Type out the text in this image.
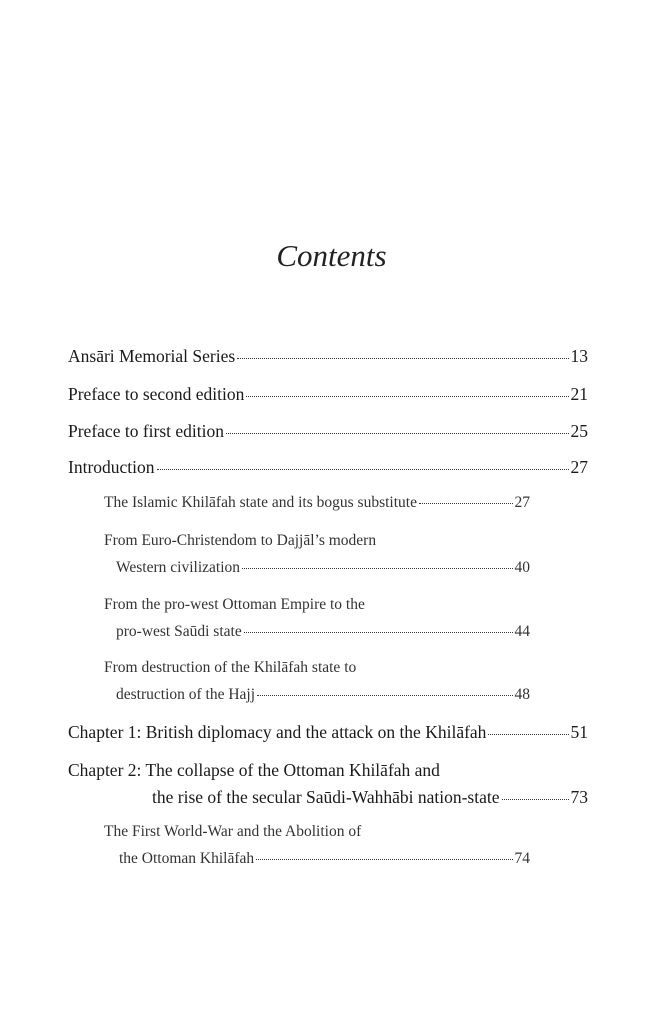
Contents
Ansāri Memorial Series	13
Preface to second edition	21
Preface to first edition	25
Introduction	27
The Islamic Khilāfah state and its bogus substitute	27
From Euro-Christendom to Dajjāl’s modern
Western civilization	40
From the pro-west Ottoman Empire to the
pro-west Saūdi state	44
From destruction of the Khilāfah state to
destruction of the Hajj	48
Chapter 1: British diplomacy and the attack on the Khilāfah	51
Chapter 2: The collapse of the Ottoman Khilāfah and
the rise of the secular Saūdi-Wahhābi nation-state	73
The First World-War and the Abolition of
the Ottoman Khilāfah	74
